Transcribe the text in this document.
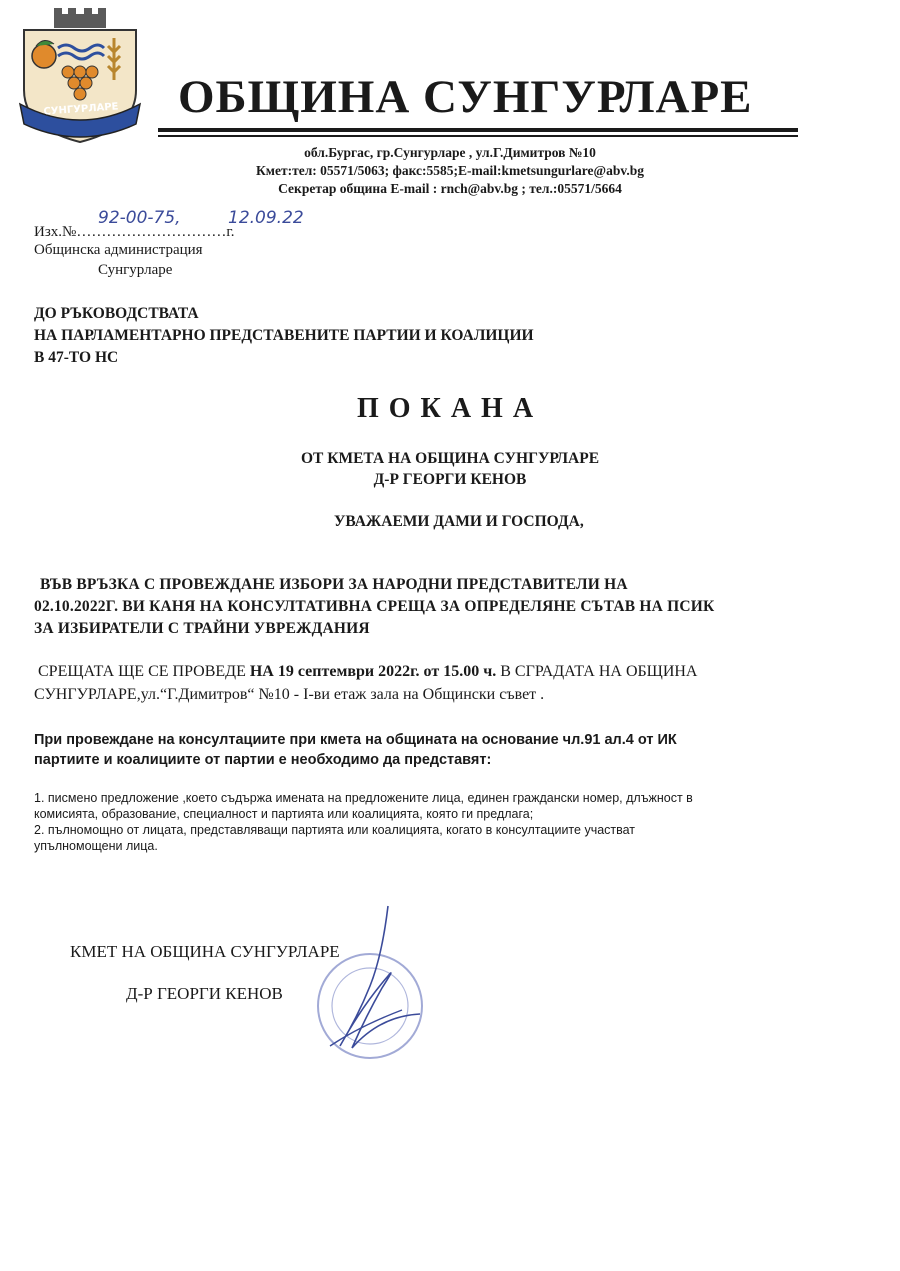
СУНГУРЛАРЕ	ОБЩИНА СУНГУРЛАРЕ
обл.Бургас, гр.Сунгурларе , ул.Г.Димитров №10
Кмет:тел: 05571/5063; факс:5585;E-mail:kmetsungurlare@abv.bg
Секретар община E-mail : rnch@abv.bg ; тел.:05571/5664
Изх.№…………………………г.
92-00-75,	12.09.22
Общинска администрация
Сунгурларе
ДО РЪКОВОДСТВАТА
НА ПАРЛАМЕНТАРНО ПРЕДСТАВЕНИТЕ ПАРТИИ И КОАЛИЦИИ
В 47-ТО НС
ПОКАНА
ОТ КМЕТА НА ОБЩИНА СУНГУРЛАРЕ
Д-Р ГЕОРГИ КЕНОВ
УВАЖАЕМИ ДАМИ И ГОСПОДА,
ВЪВ ВРЪЗКА С ПРОВЕЖДАНЕ ИЗБОРИ ЗА НАРОДНИ ПРЕДСТАВИТЕЛИ НА
02.10.2022Г. ВИ КАНЯ НА КОНСУЛТАТИВНА СРЕЩА ЗА ОПРЕДЕЛЯНЕ СЪТАВ НА ПСИК
ЗА ИЗБИРАТЕЛИ С ТРАЙНИ УВРЕЖДАНИЯ
СРЕЩАТА ЩЕ СЕ ПРОВЕДЕ НА 19 септември 2022г. от 15.00 ч. В СГРАДАТА НА ОБЩИНА
СУНГУРЛАРЕ,ул.“Г.Димитров“ №10 - I-ви етаж зала на Общински съвет .
При провеждане на консултациите при кмета на общината на основание чл.91 ал.4 от ИК
партиите и коалициите от партии е необходимо да представят:
1. писмено предложение ,което съдържа имената на предложените лица, единен граждански номер, длъжност в
комисията, образование, специалност и партията или коалицията, която ги предлага;
2. пълномощно от лицата, представляващи партията или коалицията, когато в консултациите участват
упълномощени лица.
КМЕТ НА ОБЩИНА СУНГУРЛАРЕ
Д-Р ГЕОРГИ КЕНОВ
